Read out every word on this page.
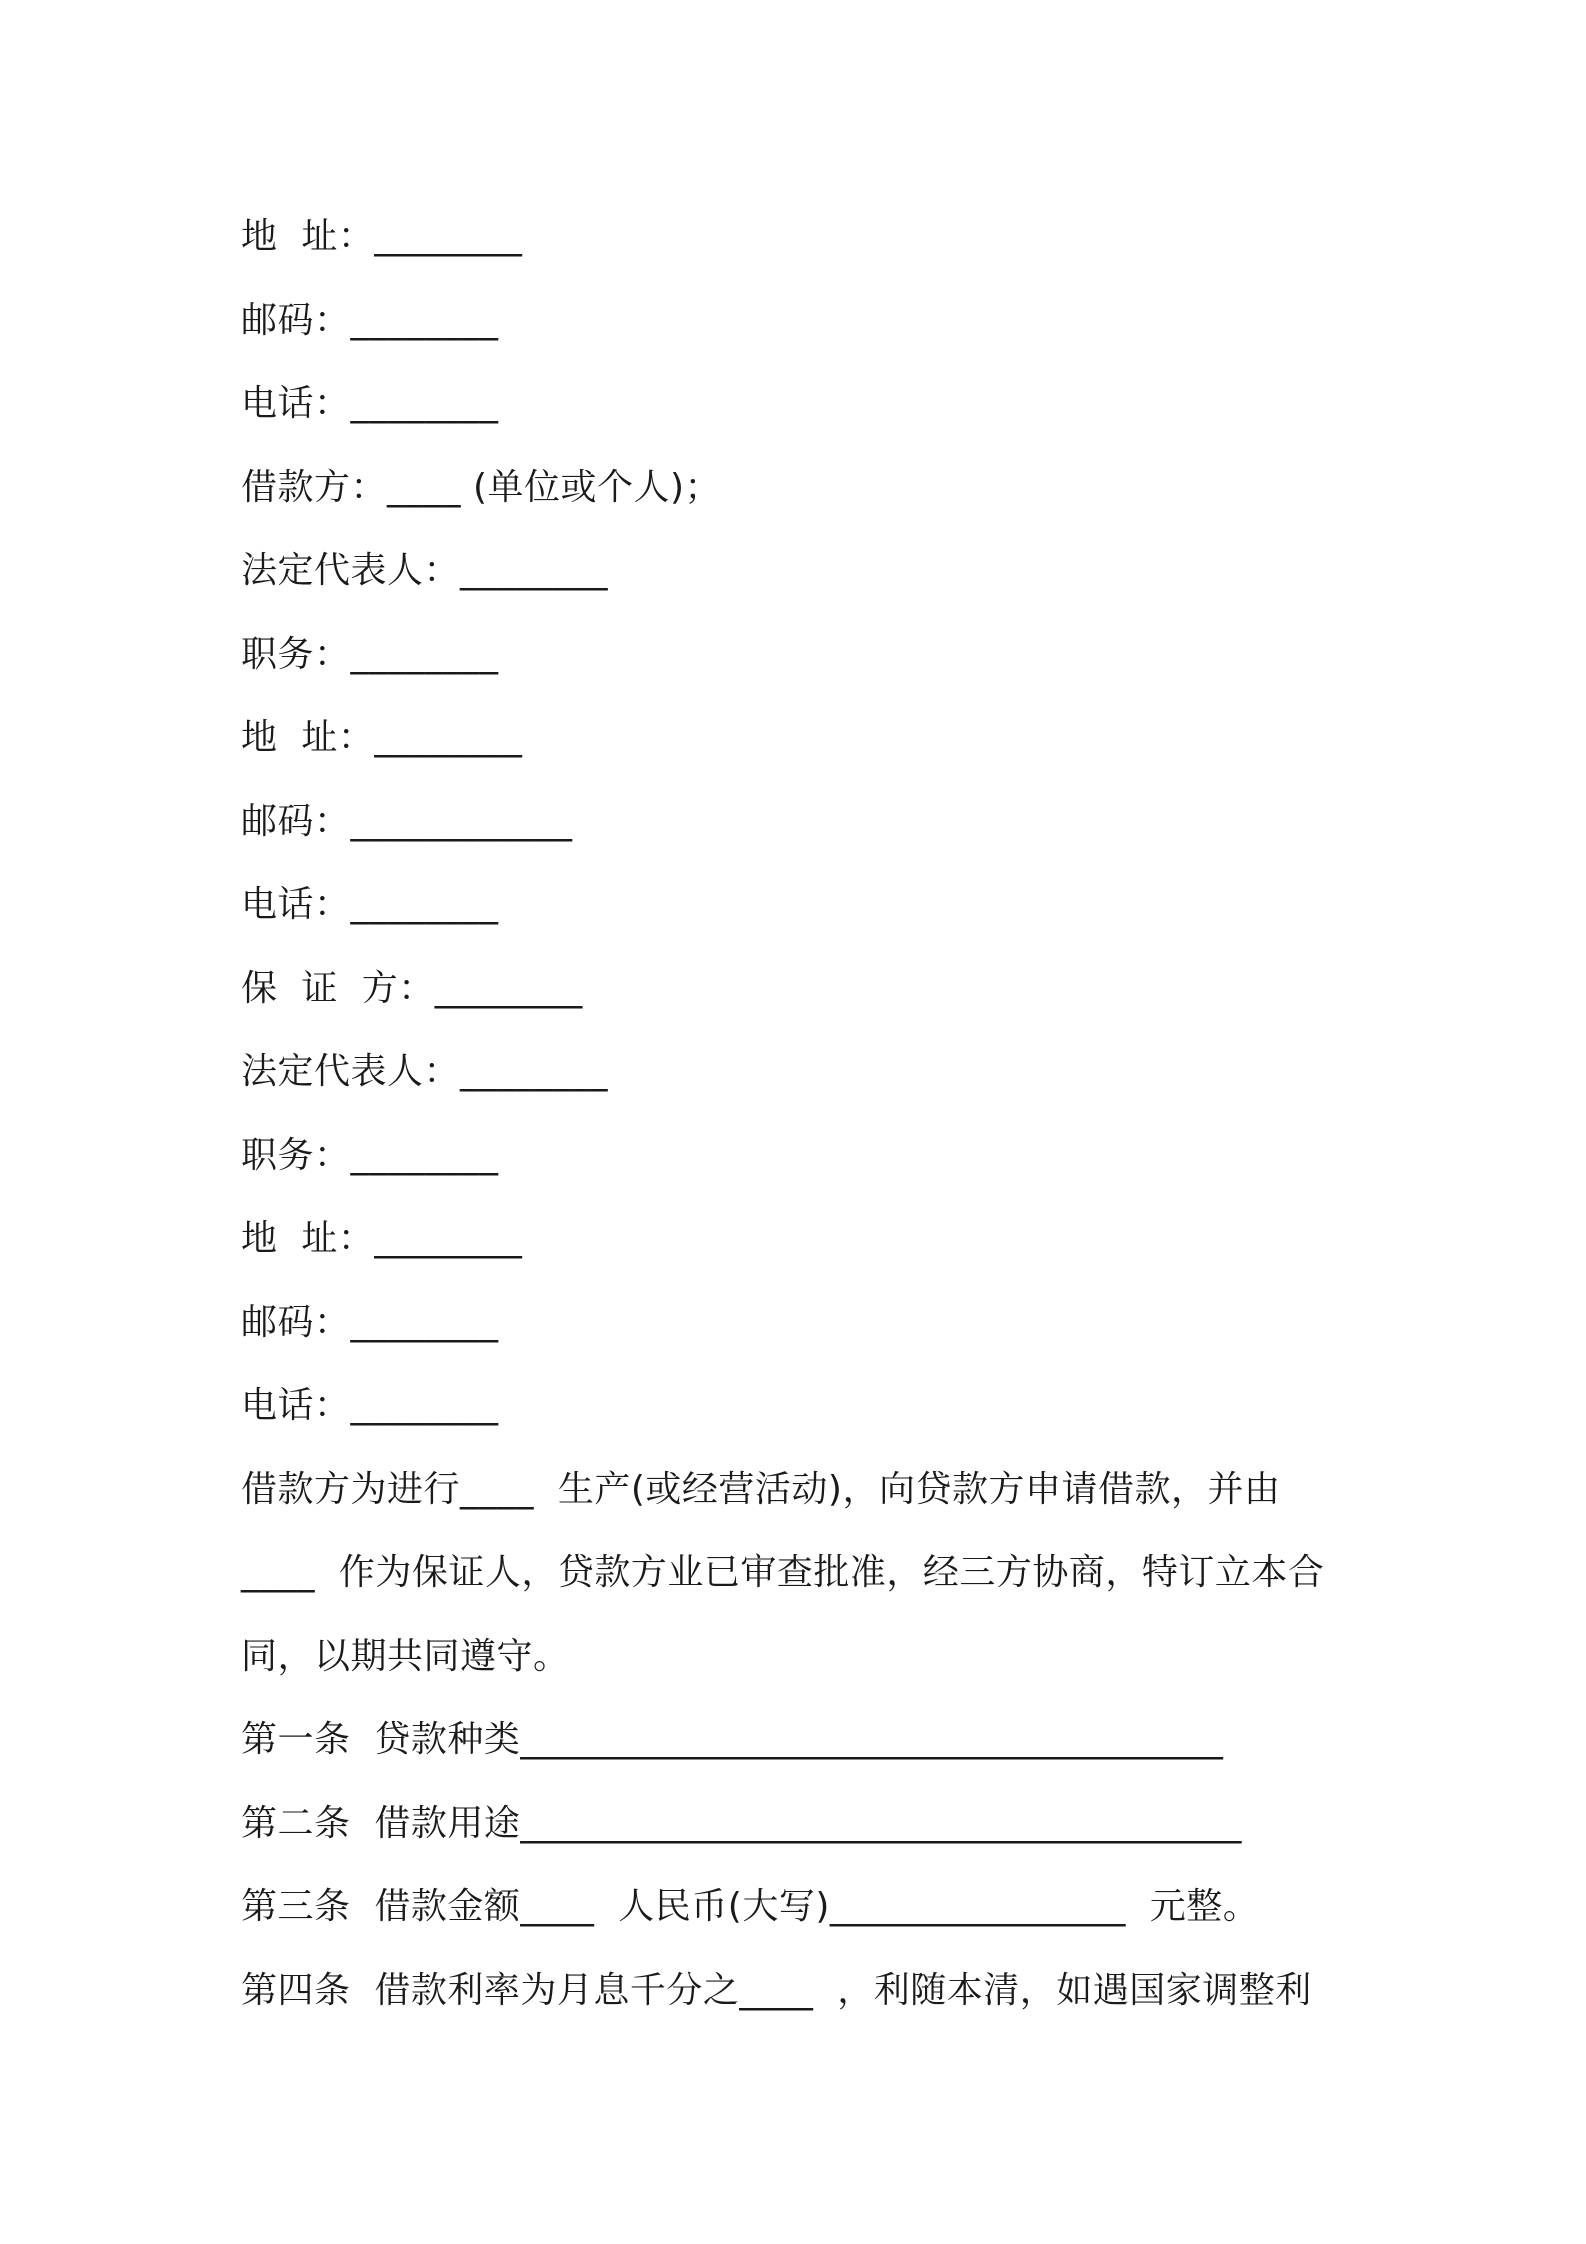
地  址：________
邮码：________
电话：________
借款方：____ (单位或个人)；
法定代表人：________
职务：________
地  址：________
邮码：____________
电话：________
保  证  方：________
法定代表人：________
职务：________
地  址：________
邮码：________
电话：________
借款方为进行____  生产(或经营活动)，向贷款方申请借款，并由
____  作为保证人，贷款方业已审查批准，经三方协商，特订立本合
同，以期共同遵守。
第一条  贷款种类______________________________________
第二条  借款用途_______________________________________
第三条  借款金额____  人民币(大写)________________  元整。
第四条  借款利率为月息千分之____  ，利随本清，如遇国家调整利
